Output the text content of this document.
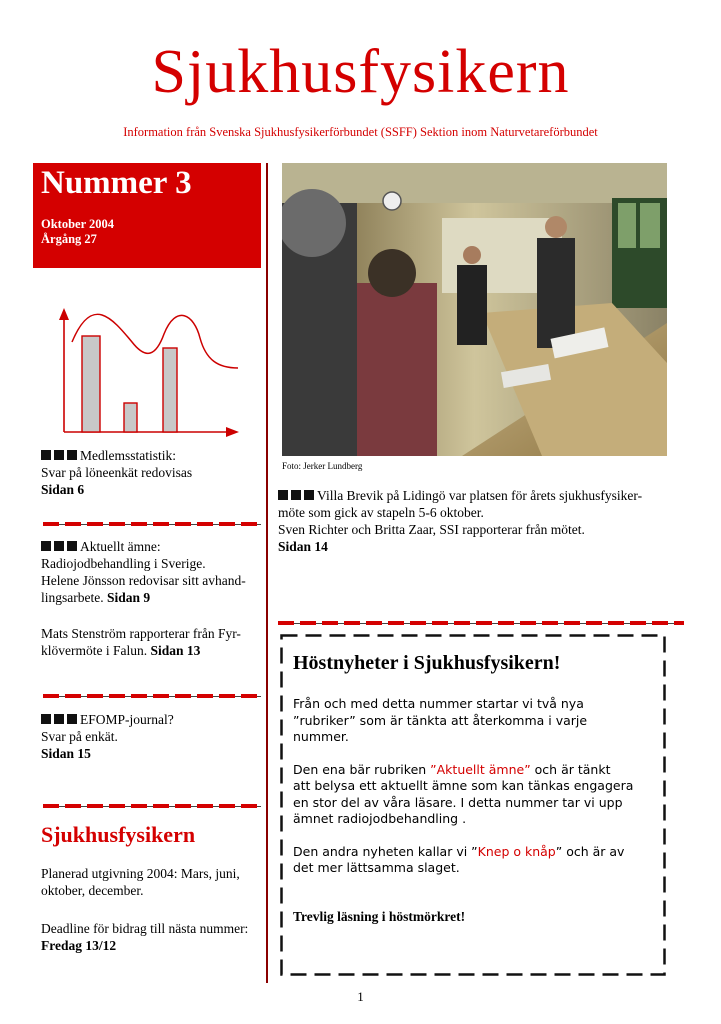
Sjukhusfysikern
Information från Svenska Sjukhusfysikerförbundet (SSFF) Sektion inom Naturvetareförbundet
Nummer 3
Oktober 2004
Årgång 27
Medlemsstatistik:
Svar på löneenkät redovisas
Sidan 6
Aktuellt ämne:
Radiojodbehandling i Sverige.
Helene Jönsson redovisar sitt avhand-
lingsarbete. Sidan 9
Mats Stenström rapporterar från Fyr-
klövermöte i Falun. Sidan 13
EFOMP-journal?
Svar på enkät.
Sidan 15
Sjukhusfysikern
Planerad utgivning 2004: Mars, juni,
oktober, december.
Deadline för bidrag till nästa nummer:
Fredag 13/12
Foto: Jerker Lundberg
Villa Brevik på Lidingö var platsen för årets sjukhusfysiker-
möte som gick av stapeln 5-6 oktober.
Sven Richter och Britta Zaar, SSI rapporterar från mötet.
Sidan 14
Höstnyheter i Sjukhusfysikern!
Från och med detta nummer startar vi två nya
”rubriker” som är tänkta att återkomma i varje
nummer.
Den ena bär rubriken ”Aktuellt ämne” och är tänkt
att belysa ett aktuellt ämne som kan tänkas engagera
en stor del av våra läsare. I detta nummer tar vi upp
ämnet radiojodbehandling .
Den andra nyheten kallar vi ”Knep o knåp” och är av
det mer lättsamma slaget.
Trevlig läsning i höstmörkret!
1
